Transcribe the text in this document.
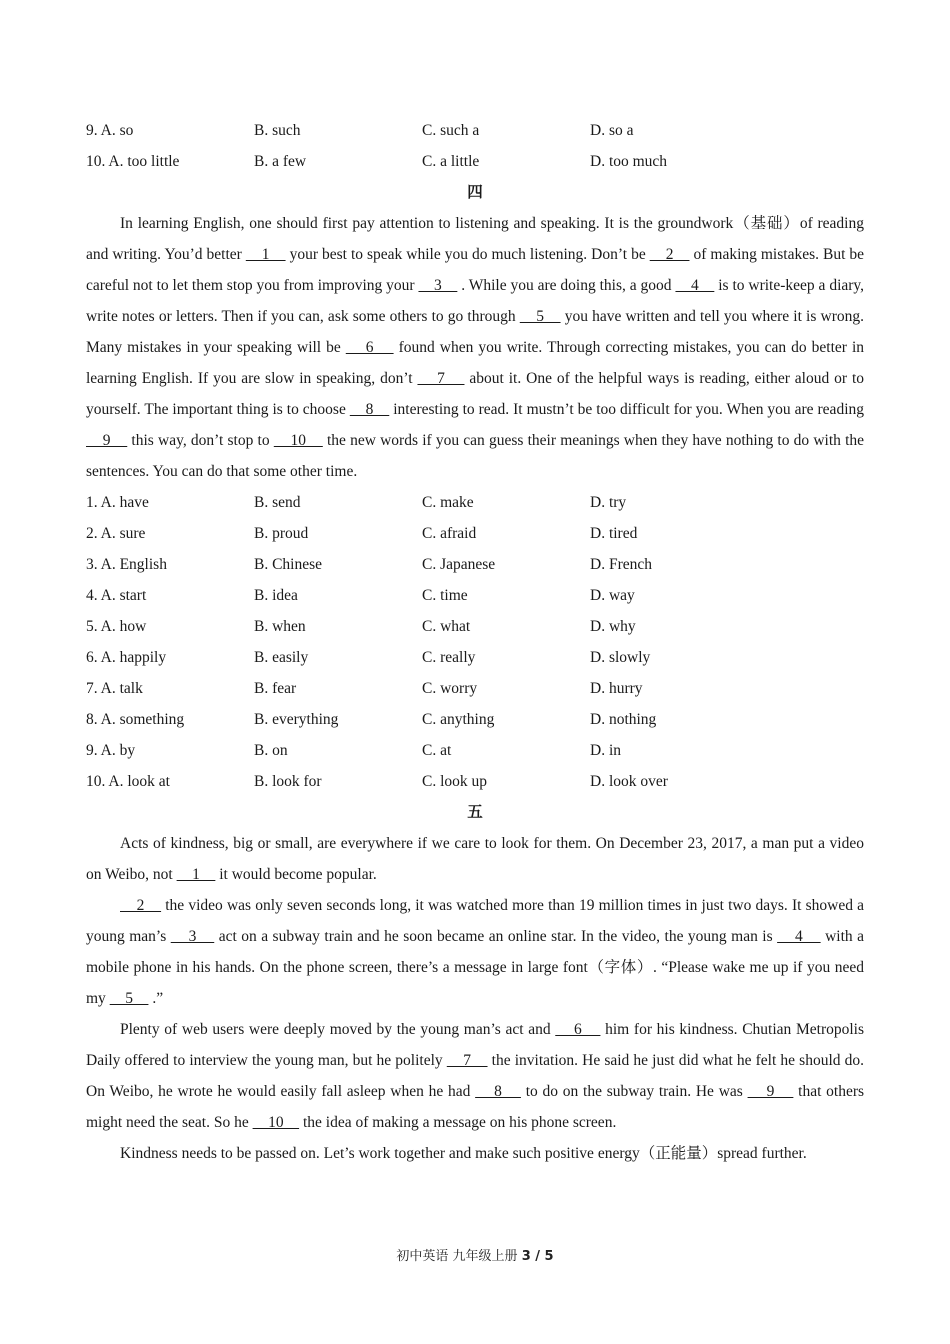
9. A. so	B. such	C. such a	D. so a
10. A. too little	B. a few	C. a little	D. too much
四

In learning English, one should first pay attention to listening and speaking. It is the groundwork（基础）of reading and writing. You’d better     1     your best to speak while you do much listening. Don’t be     2     of making mistakes. But be careful not to let them stop you from improving your     3     . While you are doing this, a good     4     is to write-keep a diary, write notes or letters. Then if you can, ask some others to go through     5     you have written and tell you where it is wrong. Many mistakes in your speaking will be     6     found when you write. Through correcting mistakes, you can do better in learning English. If you are slow in speaking, don’t     7     about it. One of the helpful ways is reading, either aloud or to yourself. The important thing is to choose     8     interesting to read. It mustn’t be too difficult for you. When you are reading     9     this way, don’t stop to     10     the new words if you can guess their meanings when they have nothing to do with the sentences. You can do that some other time.

1. A. have	B. send	C. make	D. try
2. A. sure	B. proud	C. afraid	D. tired
3. A. English	B. Chinese	C. Japanese	D. French
4. A. start	B. idea	C. time	D. way
5. A. how	B. when	C. what	D. why
6. A. happily	B. easily	C. really	D. slowly
7. A. talk	B. fear	C. worry	D. hurry
8. A. something	B. everything	C. anything	D. nothing
9. A. by	B. on	C. at	D. in
10. A. look at	B. look for	C. look up	D. look over
五

Acts of kindness, big or small, are everywhere if we care to look for them. On December 23, 2017, a man put a video on Weibo, not     1     it would become popular.

2     the video was only seven seconds long, it was watched more than 19 million times in just two days. It showed a young man’s     3     act on a subway train and he soon became an online star. In the video, the young man is     4     with a mobile phone in his hands. On the phone screen, there’s a message in large font（字体）. “Please wake me up if you need my     5     .”

Plenty of web users were deeply moved by the young man’s act and     6     him for his kindness. Chutian Metropolis Daily offered to interview the young man, but he politely     7     the invitation. He said he just did what he felt he should do. On Weibo, he wrote he would easily fall asleep when he had     8     to do on the subway train. He was     9     that others might need the seat. So he     10     the idea of making a message on his phone screen.

Kindness needs to be passed on. Let’s work together and make such positive energy（正能量）spread further.

初中英语 九年级上册 3 / 5
